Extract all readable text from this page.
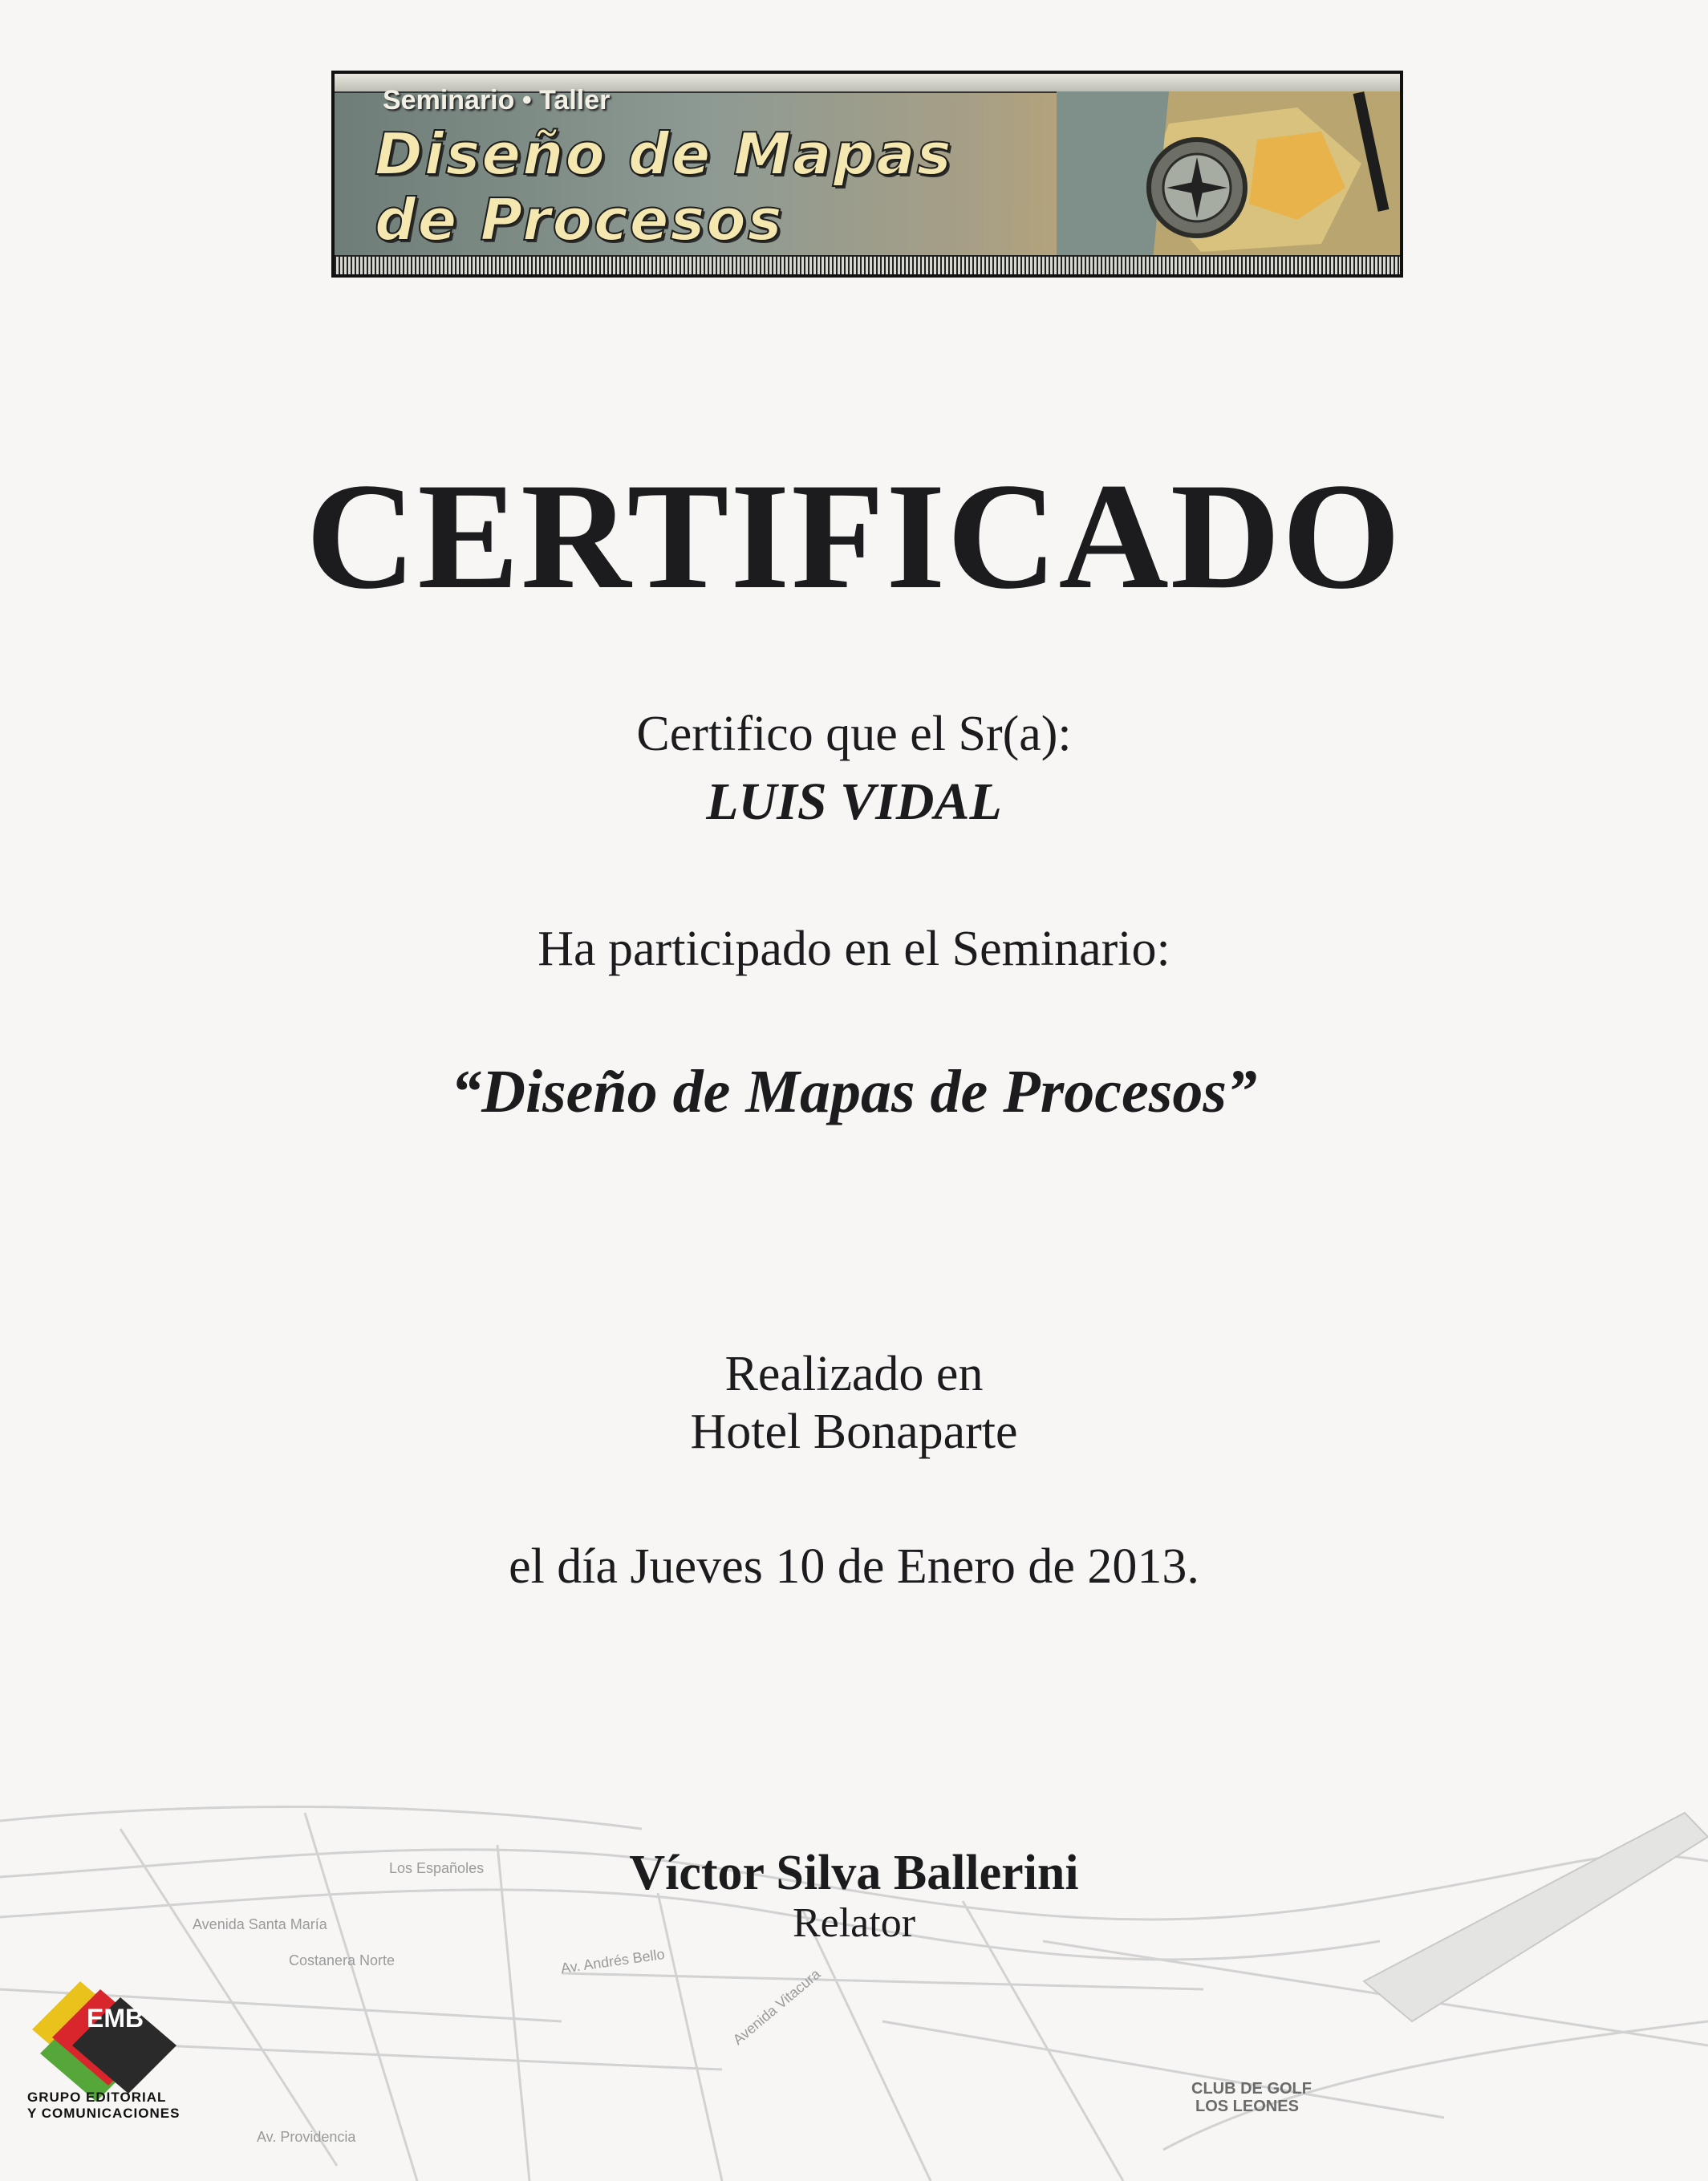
Avenida Santa María
Av. Andrés Bello
Avenida Vitacura
Los Españoles
Costanera Norte
Av. Providencia
CLUB DE GOLF
LOS LEONES
Seminario • Taller
Diseño de Mapas
de Procesos
CERTIFICADO
Certifico que el Sr(a):
LUIS VIDAL
Ha participado en el Seminario:
“Diseño de Mapas de Procesos”
Realizado en
Hotel Bonaparte
el día Jueves 10 de Enero de 2013.
Víctor Silva Ballerini
Relator
EMB
GRUPO EDITORIAL
Y COMUNICACIONES
